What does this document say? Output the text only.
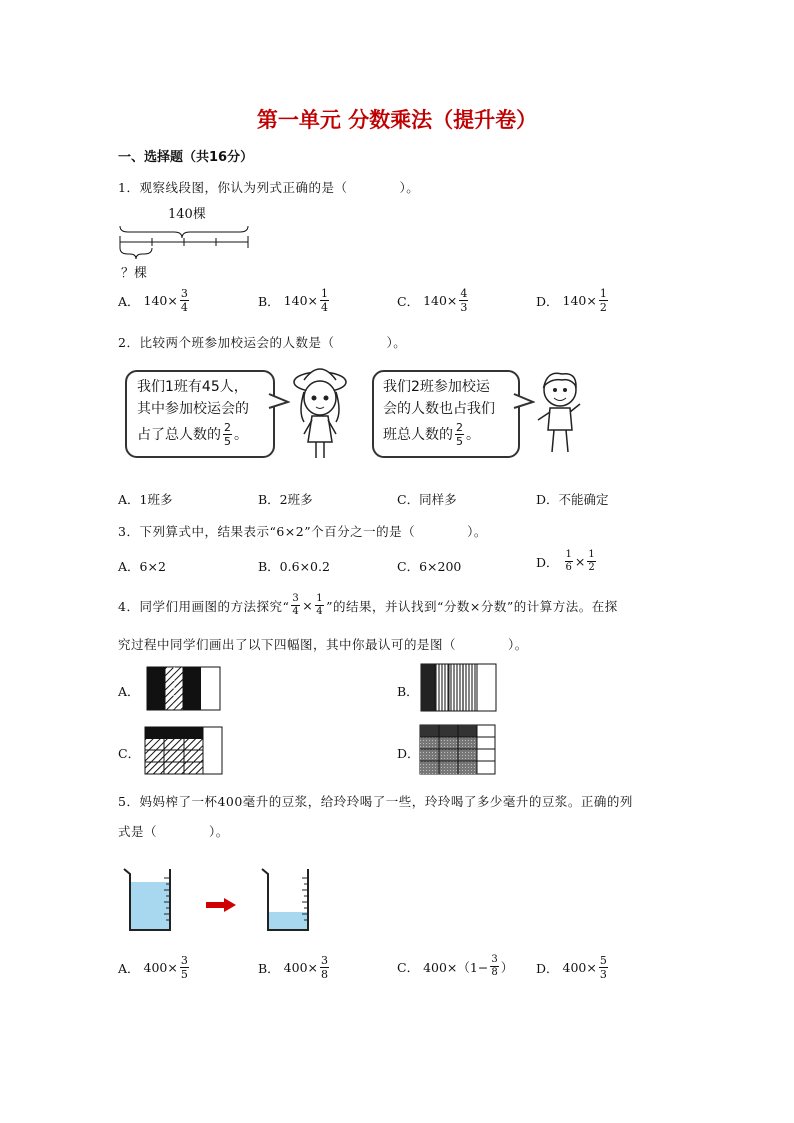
第一单元 分数乘法（提升卷）
一、选择题（共16分）
1．观察线段图，你认为列式正确的是（　　　　）。
140棵
？棵
A．
$140\times \frac{3}{4}$	B．
$140\times \frac{1}{4}$	C．
$140\times \frac{4}{3}$	D．
$140\times \frac{1}{2}$
2．比较两个班参加校运会的人数是（　　　　）。
我们1班有45人，
其中参加校运会的
占了总人数的 $\frac{2}{5}$ 。
我们2班参加校运
会的人数也占我们
班总人数的 $\frac{2}{5}$ 。
A．1班多	B．2班多	C．同样多	D．不能确定
3．下列算式中，结果表示“6×2”个百分之一的是（　　　　）。
A．6×2	B．0.6×0.2	C．6×200	D．
$\frac{1}{6} \times \frac{1}{2}$
4．同学们用画图的方法探究“ $\frac{3}{4} \times \frac{1}{4}$ ”的结果，并认找到“分数×分数”的计算方法。在探
究过程中同学们画出了以下四幅图，其中你最认可的是图（　　　　）。
A．	B．
C．	D．
5．妈妈榨了一杯400毫升的豆浆，给玲玲喝了一些，玲玲喝了多少毫升的豆浆。正确的列
式是（　　　　）。
A．
$400\times \frac{3}{5}$	B．
$400\times \frac{3}{8}$	C．
$400\times(1- \frac{3}{8}$ ） D．
$400\times \frac{5}{3}$
